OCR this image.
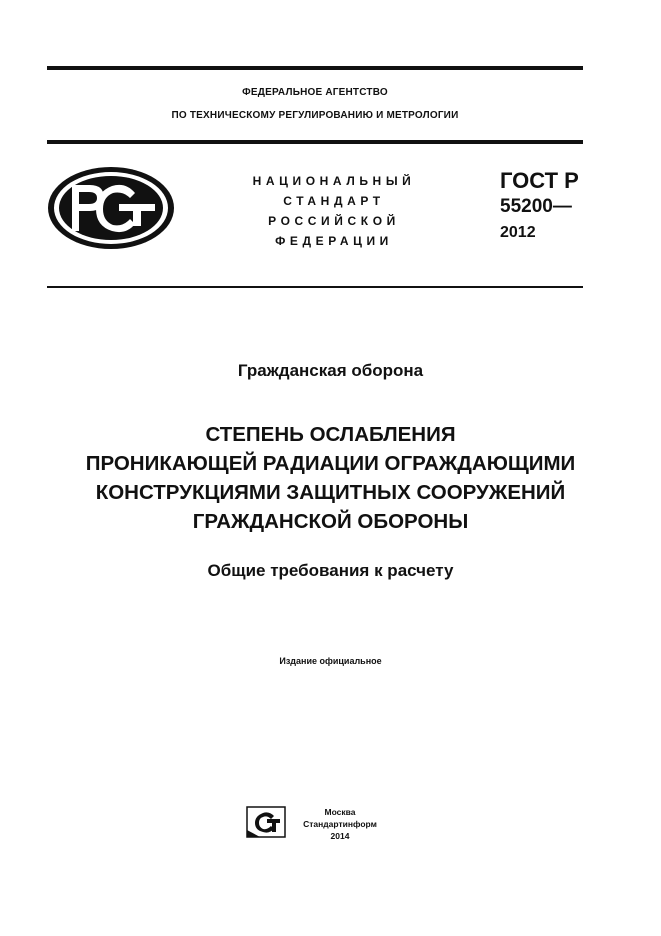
ФЕДЕРАЛЬНОЕ АГЕНТСТВО
ПО ТЕХНИЧЕСКОМУ РЕГУЛИРОВАНИЮ И МЕТРОЛОГИИ
НАЦИОНАЛЬНЫЙ
СТАНДАРТ
РОССИЙСКОЙ
ФЕДЕРАЦИИ
ГОСТ Р
55200—
2012
Гражданская оборона
СТЕПЕНЬ ОСЛАБЛЕНИЯ
ПРОНИКАЮЩЕЙ РАДИАЦИИ ОГРАЖДАЮЩИМИ
КОНСТРУКЦИЯМИ ЗАЩИТНЫХ СООРУЖЕНИЙ
ГРАЖДАНСКОЙ ОБОРОНЫ
Общие требования к расчету
Издание официальное
Москва
Стандартинформ
2014
